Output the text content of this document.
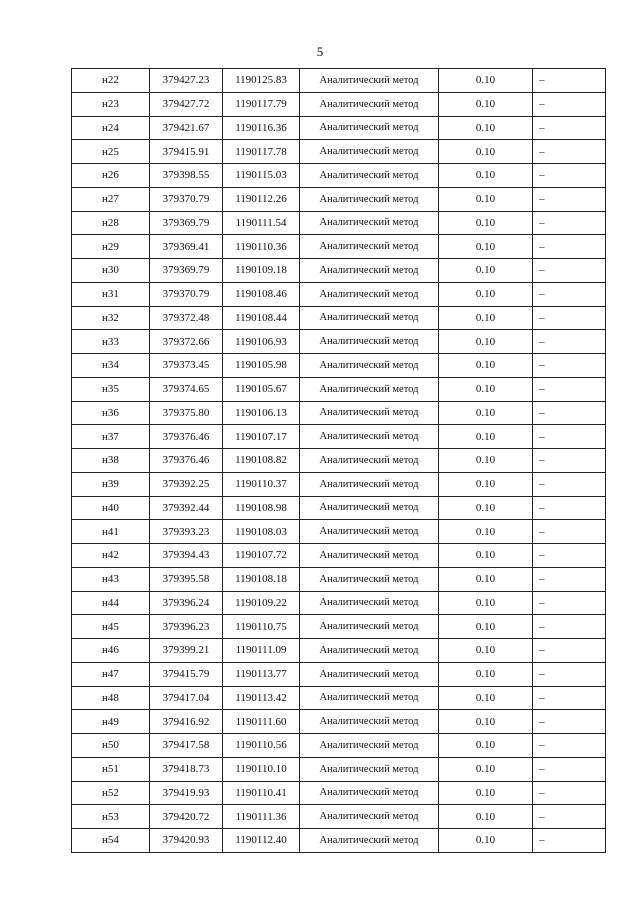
5
н22	379427.23	1190125.83	Аналитический метод	0.10	–
н23	379427.72	1190117.79	Аналитический метод	0.10	–
н24	379421.67	1190116.36	Аналитический метод	0.10	–
н25	379415.91	1190117.78	Аналитический метод	0.10	–
н26	379398.55	1190115.03	Аналитический метод	0.10	–
н27	379370.79	1190112.26	Аналитический метод	0.10	–
н28	379369.79	1190111.54	Аналитический метод	0.10	–
н29	379369.41	1190110.36	Аналитический метод	0.10	–
н30	379369.79	1190109.18	Аналитический метод	0.10	–
н31	379370.79	1190108.46	Аналитический метод	0.10	–
н32	379372.48	1190108.44	Аналитический метод	0.10	–
н33	379372.66	1190106.93	Аналитический метод	0.10	–
н34	379373.45	1190105.98	Аналитический метод	0.10	–
н35	379374.65	1190105.67	Аналитический метод	0.10	–
н36	379375.80	1190106.13	Аналитический метод	0.10	–
н37	379376.46	1190107.17	Аналитический метод	0.10	–
н38	379376.46	1190108.82	Аналитический метод	0.10	–
н39	379392.25	1190110.37	Аналитический метод	0.10	–
н40	379392.44	1190108.98	Аналитический метод	0.10	–
н41	379393.23	1190108.03	Аналитический метод	0.10	–
н42	379394.43	1190107.72	Аналитический метод	0.10	–
н43	379395.58	1190108.18	Аналитический метод	0.10	–
н44	379396.24	1190109.22	Аналитический метод	0.10	–
н45	379396.23	1190110.75	Аналитический метод	0.10	–
н46	379399.21	1190111.09	Аналитический метод	0.10	–
н47	379415.79	1190113.77	Аналитический метод	0.10	–
н48	379417.04	1190113.42	Аналитический метод	0.10	–
н49	379416.92	1190111.60	Аналитический метод	0.10	–
н50	379417.58	1190110.56	Аналитический метод	0.10	–
н51	379418.73	1190110.10	Аналитический метод	0.10	–
н52	379419.93	1190110.41	Аналитический метод	0.10	–
н53	379420.72	1190111.36	Аналитический метод	0.10	–
н54	379420.93	1190112.40	Аналитический метод	0.10	–
